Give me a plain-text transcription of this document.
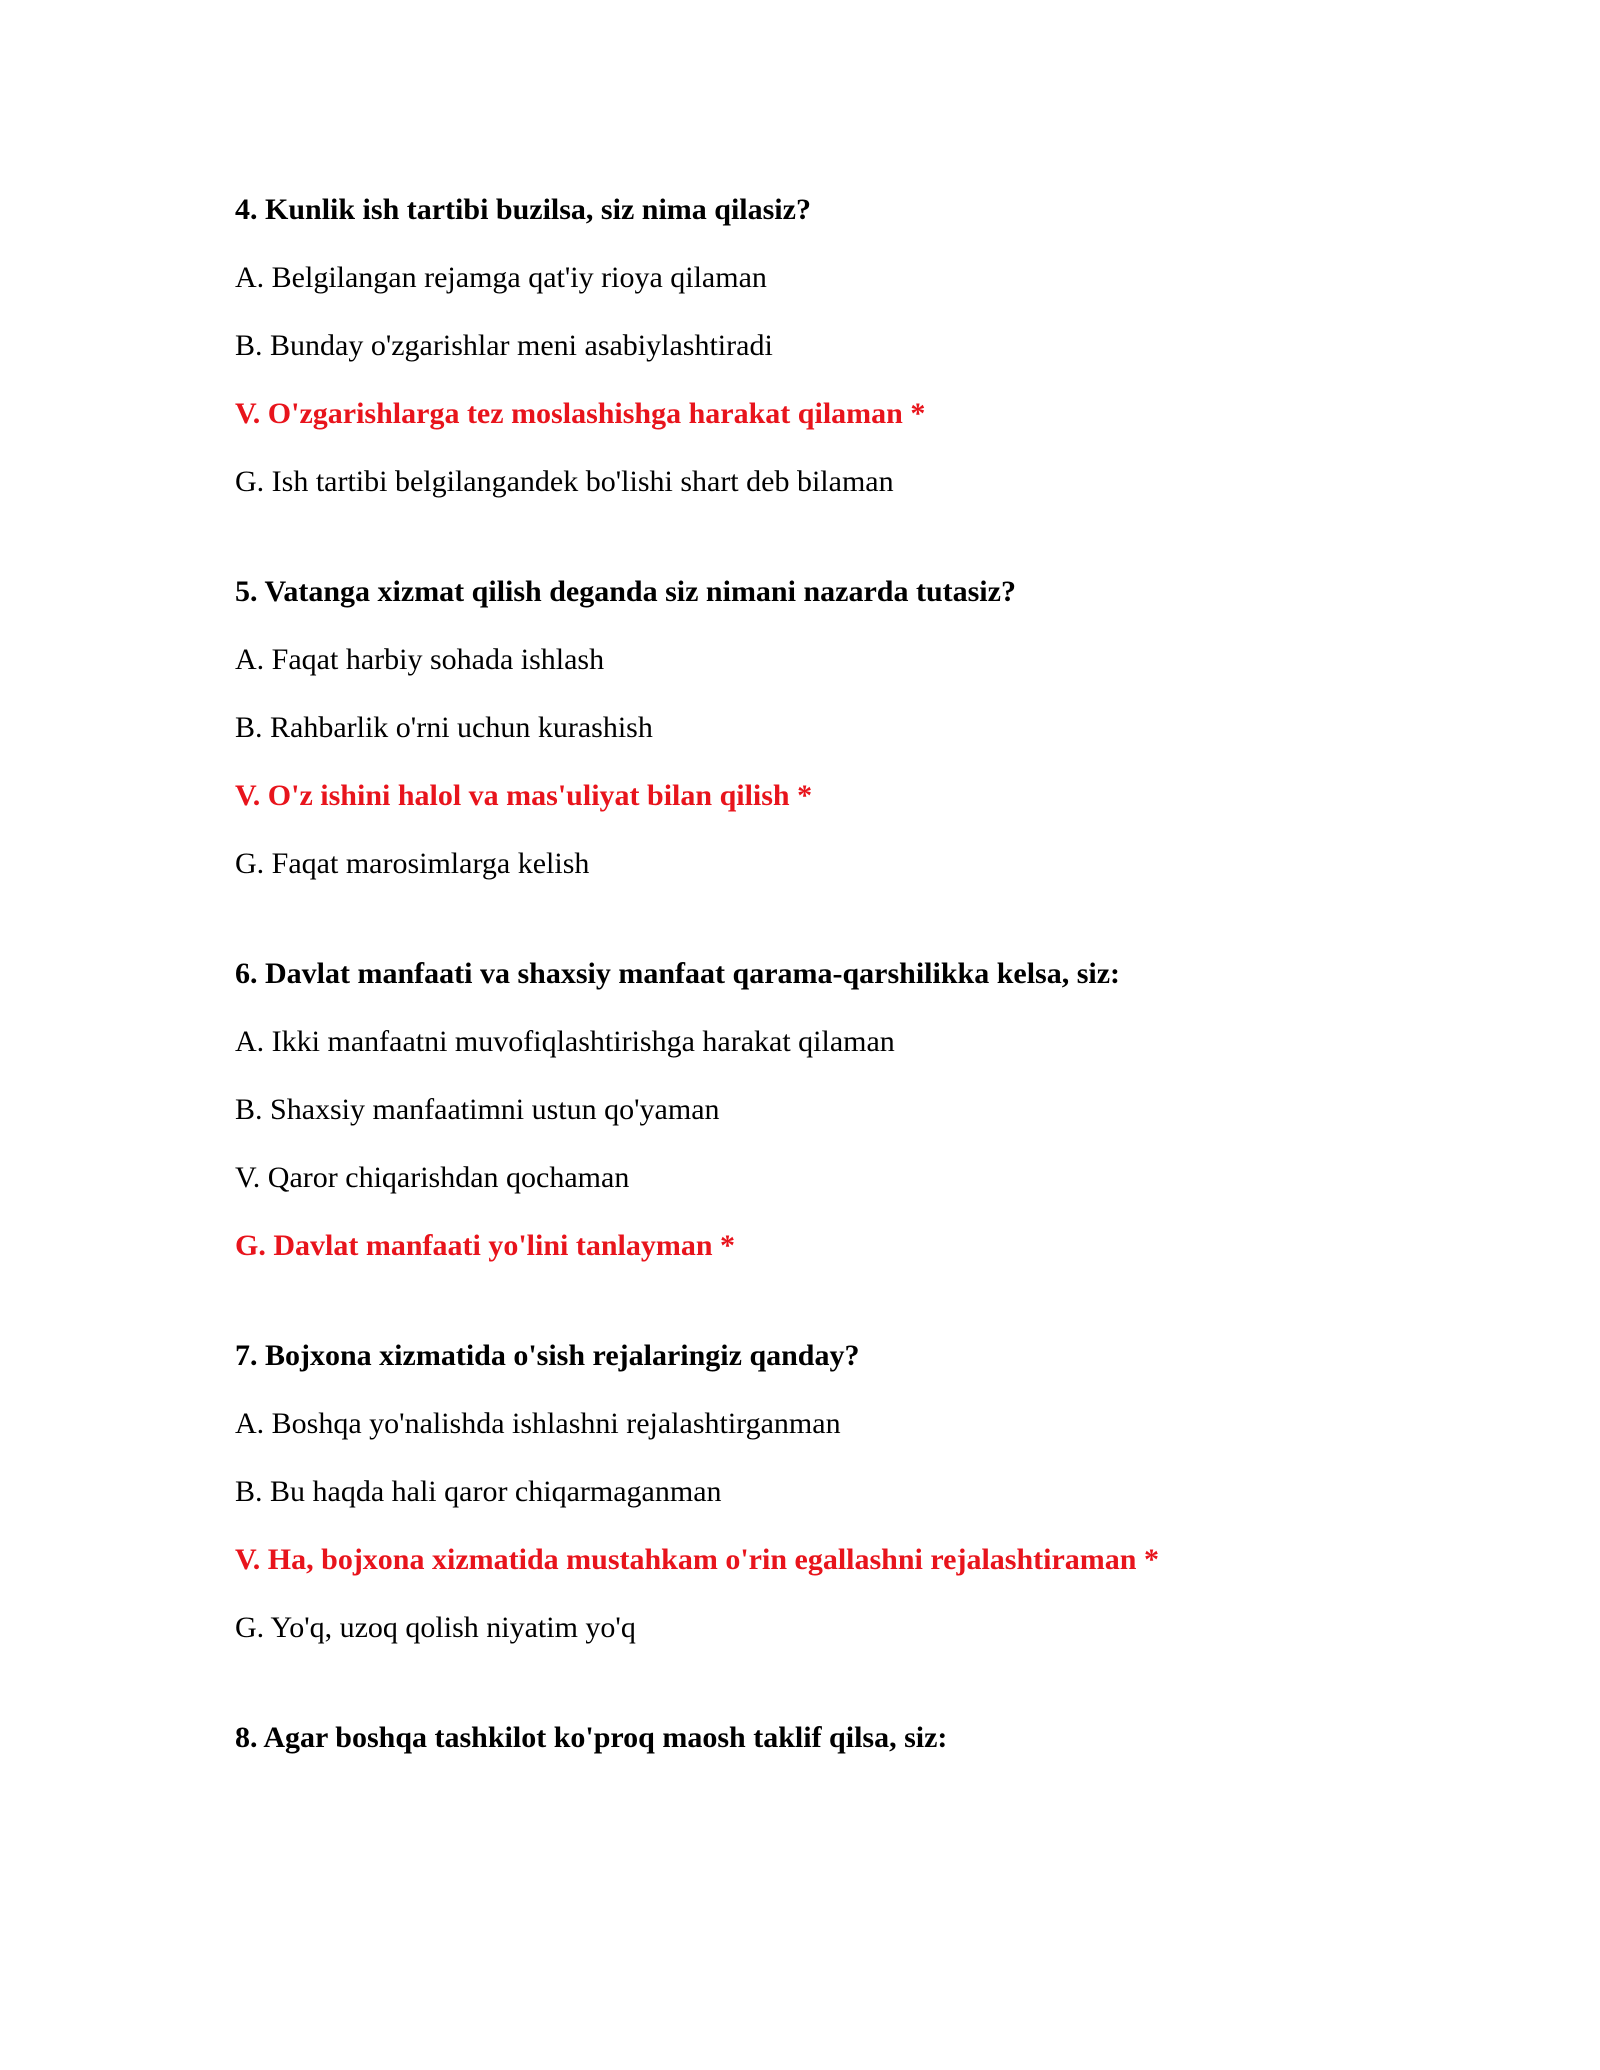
4. Kunlik ish tartibi buzilsa, siz nima qilasiz?
A. Belgilangan rejamga qat'iy rioya qilaman
B. Bunday o'zgarishlar meni asabiylashtiradi
V. O'zgarishlarga tez moslashishga harakat qilaman *
G. Ish tartibi belgilangandek bo'lishi shart deb bilaman
5. Vatanga xizmat qilish deganda siz nimani nazarda tutasiz?
A. Faqat harbiy sohada ishlash
B. Rahbarlik o'rni uchun kurashish
V. O'z ishini halol va mas'uliyat bilan qilish *
G. Faqat marosimlarga kelish
6. Davlat manfaati va shaxsiy manfaat qarama-qarshilikka kelsa, siz:
A. Ikki manfaatni muvofiqlashtirishga harakat qilaman
B. Shaxsiy manfaatimni ustun qo'yaman
V. Qaror chiqarishdan qochaman
G. Davlat manfaati yo'lini tanlayman *
7. Bojxona xizmatida o'sish rejalaringiz qanday?
A. Boshqa yo'nalishda ishlashni rejalashtirganman
B. Bu haqda hali qaror chiqarmaganman
V. Ha, bojxona xizmatida mustahkam o'rin egallashni rejalashtiraman *
G. Yo'q, uzoq qolish niyatim yo'q
8. Agar boshqa tashkilot ko'proq maosh taklif qilsa, siz:
